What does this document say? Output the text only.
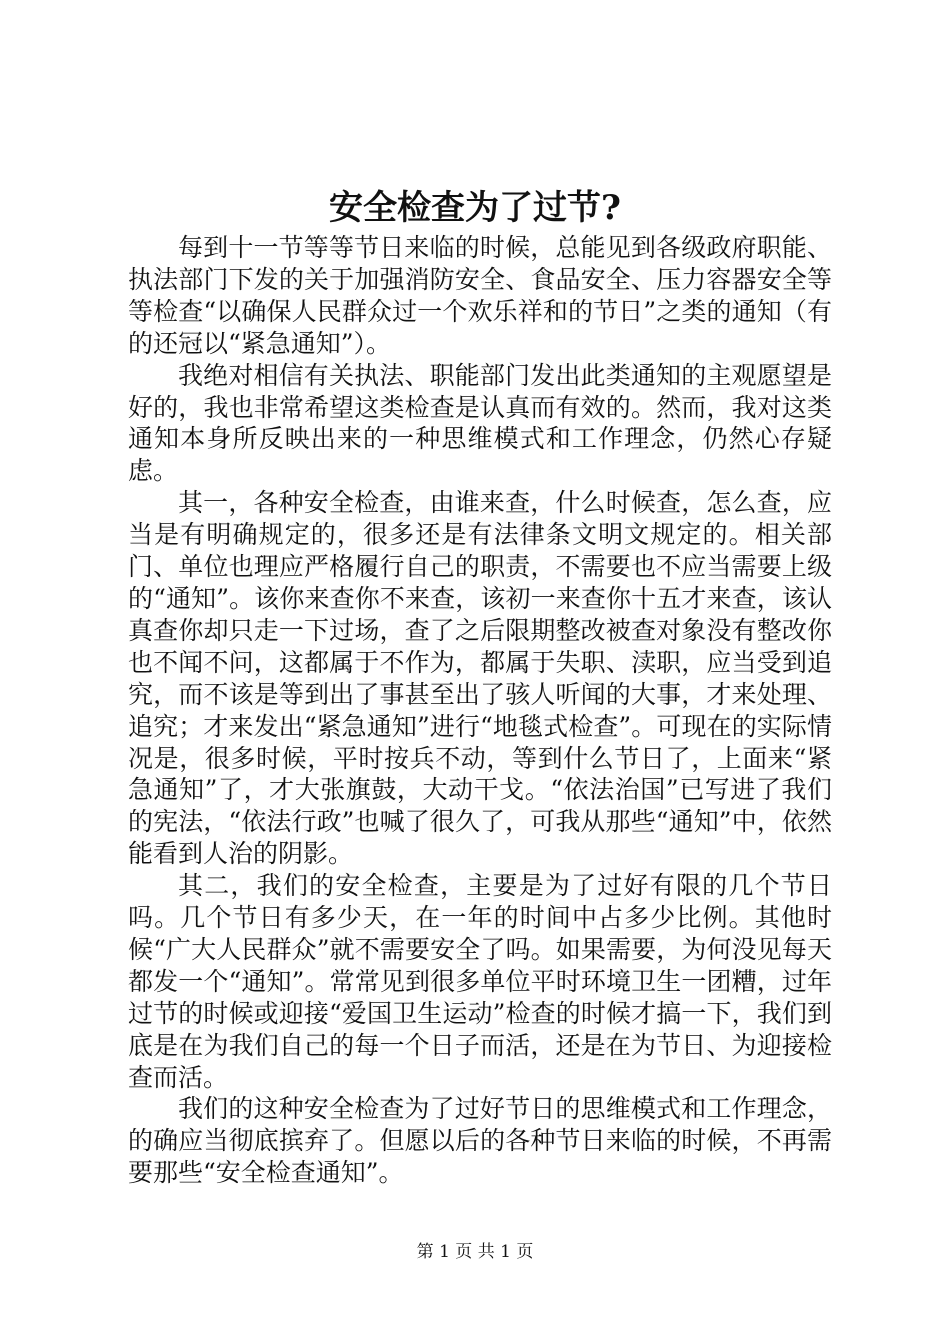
安全检查为了过节?

每到十一节等等节日来临的时候，总能见到各级政府职能、执法部门下发的关于加强消防安全、食品安全、压力容器安全等等检查“以确保人民群众过一个欢乐祥和的节日”之类的通知（有的还冠以“紧急通知”）。

我绝对相信有关执法、职能部门发出此类通知的主观愿望是好的，我也非常希望这类检查是认真而有效的。然而，我对这类通知本身所反映出来的一种思维模式和工作理念，仍然心存疑虑。

其一，各种安全检查，由谁来查，什么时候查，怎么查，应当是有明确规定的，很多还是有法律条文明文规定的。相关部门、单位也理应严格履行自己的职责，不需要也不应当需要上级的“通知”。该你来查你不来查，该初一来查你十五才来查，该认真查你却只走一下过场，查了之后限期整改被查对象没有整改你也不闻不问，这都属于不作为，都属于失职、渎职，应当受到追究，而不该是等到出了事甚至出了骇人听闻的大事，才来处理、追究；才来发出“紧急通知”进行“地毯式检查”。可现在的实际情况是，很多时候，平时按兵不动，等到什么节日了，上面来“紧急通知”了，才大张旗鼓，大动干戈。“依法治国”已写进了我们的宪法，“依法行政”也喊了很久了，可我从那些“通知”中，依然能看到人治的阴影。

其二，我们的安全检查，主要是为了过好有限的几个节日吗。几个节日有多少天，在一年的时间中占多少比例。其他时候“广大人民群众”就不需要安全了吗。如果需要，为何没见每天都发一个“通知”。常常见到很多单位平时环境卫生一团糟，过年过节的时候或迎接“爱国卫生运动”检查的时候才搞一下，我们到底是在为我们自己的每一个日子而活，还是在为节日、为迎接检查而活。

我们的这种安全检查为了过好节日的思维模式和工作理念，的确应当彻底摈弃了。但愿以后的各种节日来临的时候，不再需要那些“安全检查通知”。

第 1 页 共 1 页
